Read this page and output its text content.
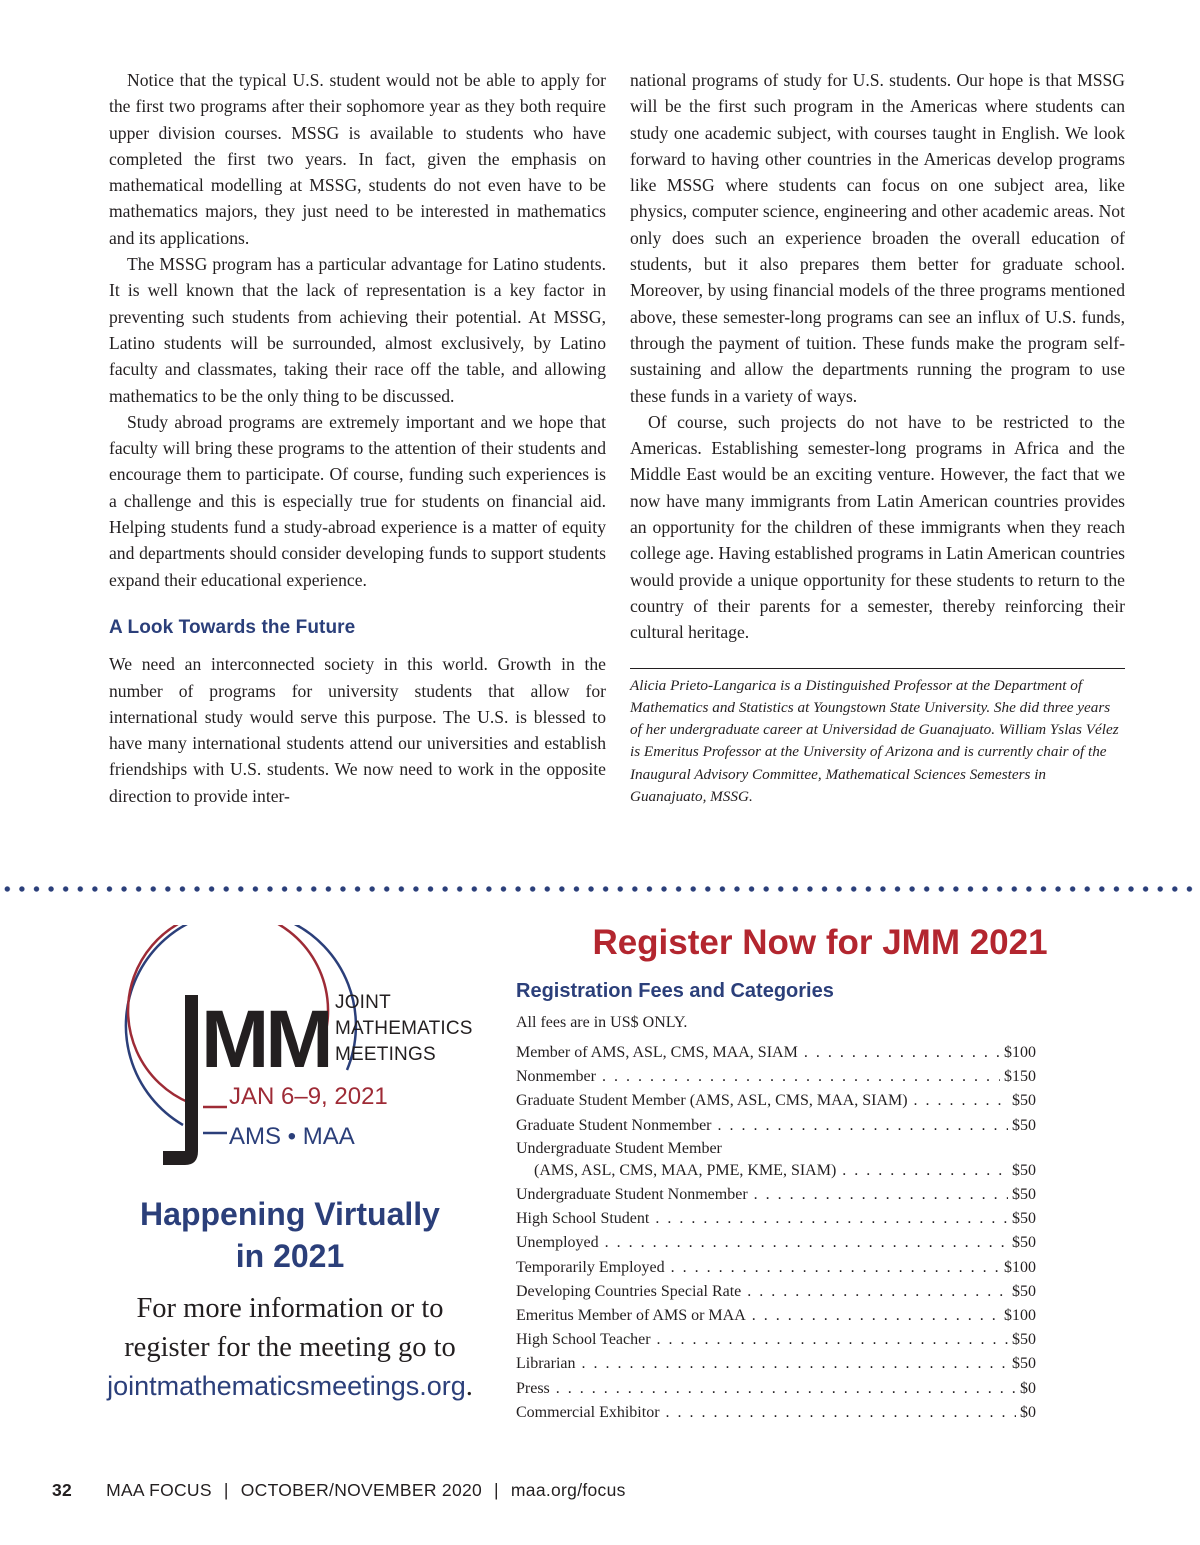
Notice that the typical U.S. student would not be able to apply for the first two programs after their sophomore year as they both require upper division courses. MSSG is available to students who have completed the first two years. In fact, given the emphasis on mathematical modelling at MSSG, students do not even have to be mathematics majors, they just need to be interested in mathematics and its applications.

The MSSG program has a particular advantage for Latino students. It is well known that the lack of representation is a key factor in preventing such students from achieving their potential. At MSSG, Latino students will be surrounded, almost exclusively, by Latino faculty and classmates, taking their race off the table, and allowing mathematics to be the only thing to be discussed.

Study abroad programs are extremely important and we hope that faculty will bring these programs to the attention of their students and encourage them to participate. Of course, funding such experiences is a challenge and this is especially true for students on financial aid. Helping students fund a study-abroad experience is a matter of equity and departments should consider developing funds to support students expand their educational experience.

A Look Towards the Future

We need an interconnected society in this world. Growth in the number of programs for university students that allow for international study would serve this purpose. The U.S. is blessed to have many international students attend our universities and establish friendships with U.S. students. We now need to work in the opposite direction to provide inter-

national programs of study for U.S. students. Our hope is that MSSG will be the first such program in the Americas where students can study one academic subject, with courses taught in English. We look forward to having other countries in the Americas develop programs like MSSG where students can focus on one subject area, like physics, computer science, engineering and other academic areas. Not only does such an experience broaden the overall education of students, but it also prepares them better for graduate school. Moreover, by using financial models of the three programs mentioned above, these semester-long programs can see an influx of U.S. funds, through the payment of tuition. These funds make the program self-sustaining and allow the departments running the program to use these funds in a variety of ways.

Of course, such projects do not have to be restricted to the Americas. Establishing semester-long programs in Africa and the Middle East would be an exciting venture. However, the fact that we now have many immigrants from Latin American countries provides an opportunity for the children of these immigrants when they reach college age. Having established programs in Latin American countries would provide a unique opportunity for these students to return to the country of their parents for a semester, thereby reinforcing their cultural heritage.

Alicia Prieto-Langarica is a Distinguished Professor at the Department of Mathematics and Statistics at Youngstown State University. She did three years of her undergraduate career at Universidad de Guanajuato. William Yslas Vélez is Emeritus Professor at the University of Arizona and is currently chair of the Inaugural Advisory Committee, Mathematical Sciences Semesters in Guanajuato, MSSG.
MM JOINT
MATHEMATICS
MEETINGS
JAN 6–9, 2021
AMS • MAA
Happening Virtually
in 2021
For more information or to register for the meeting go to
jointmathematicsmeetings.org.
Register Now for JMM 2021
Registration Fees and Categories
All fees are in US$ ONLY.
Member of AMS, ASL, CMS, MAA, SIAM . . .	$100
Nonmember . . .	$150
Graduate Student Member (AMS, ASL, CMS, MAA, SIAM) . . .	$50
Graduate Student Nonmember . . .	$50
Undergraduate Student Member
(AMS, ASL, CMS, MAA, PME, KME, SIAM) . . .	$50
Undergraduate Student Nonmember . . .	$50
High School Student . . .	$50
Unemployed . . .	$50
Temporarily Employed . . .	$100
Developing Countries Special Rate . . .	$50
Emeritus Member of AMS or MAA . . .	$100
High School Teacher . . .	$50
Librarian . . .	$50
Press . . .	$0
Commercial Exhibitor . . .	$0
32 MAA FOCUS | OCTOBER/NOVEMBER 2020 | maa.org/focus
